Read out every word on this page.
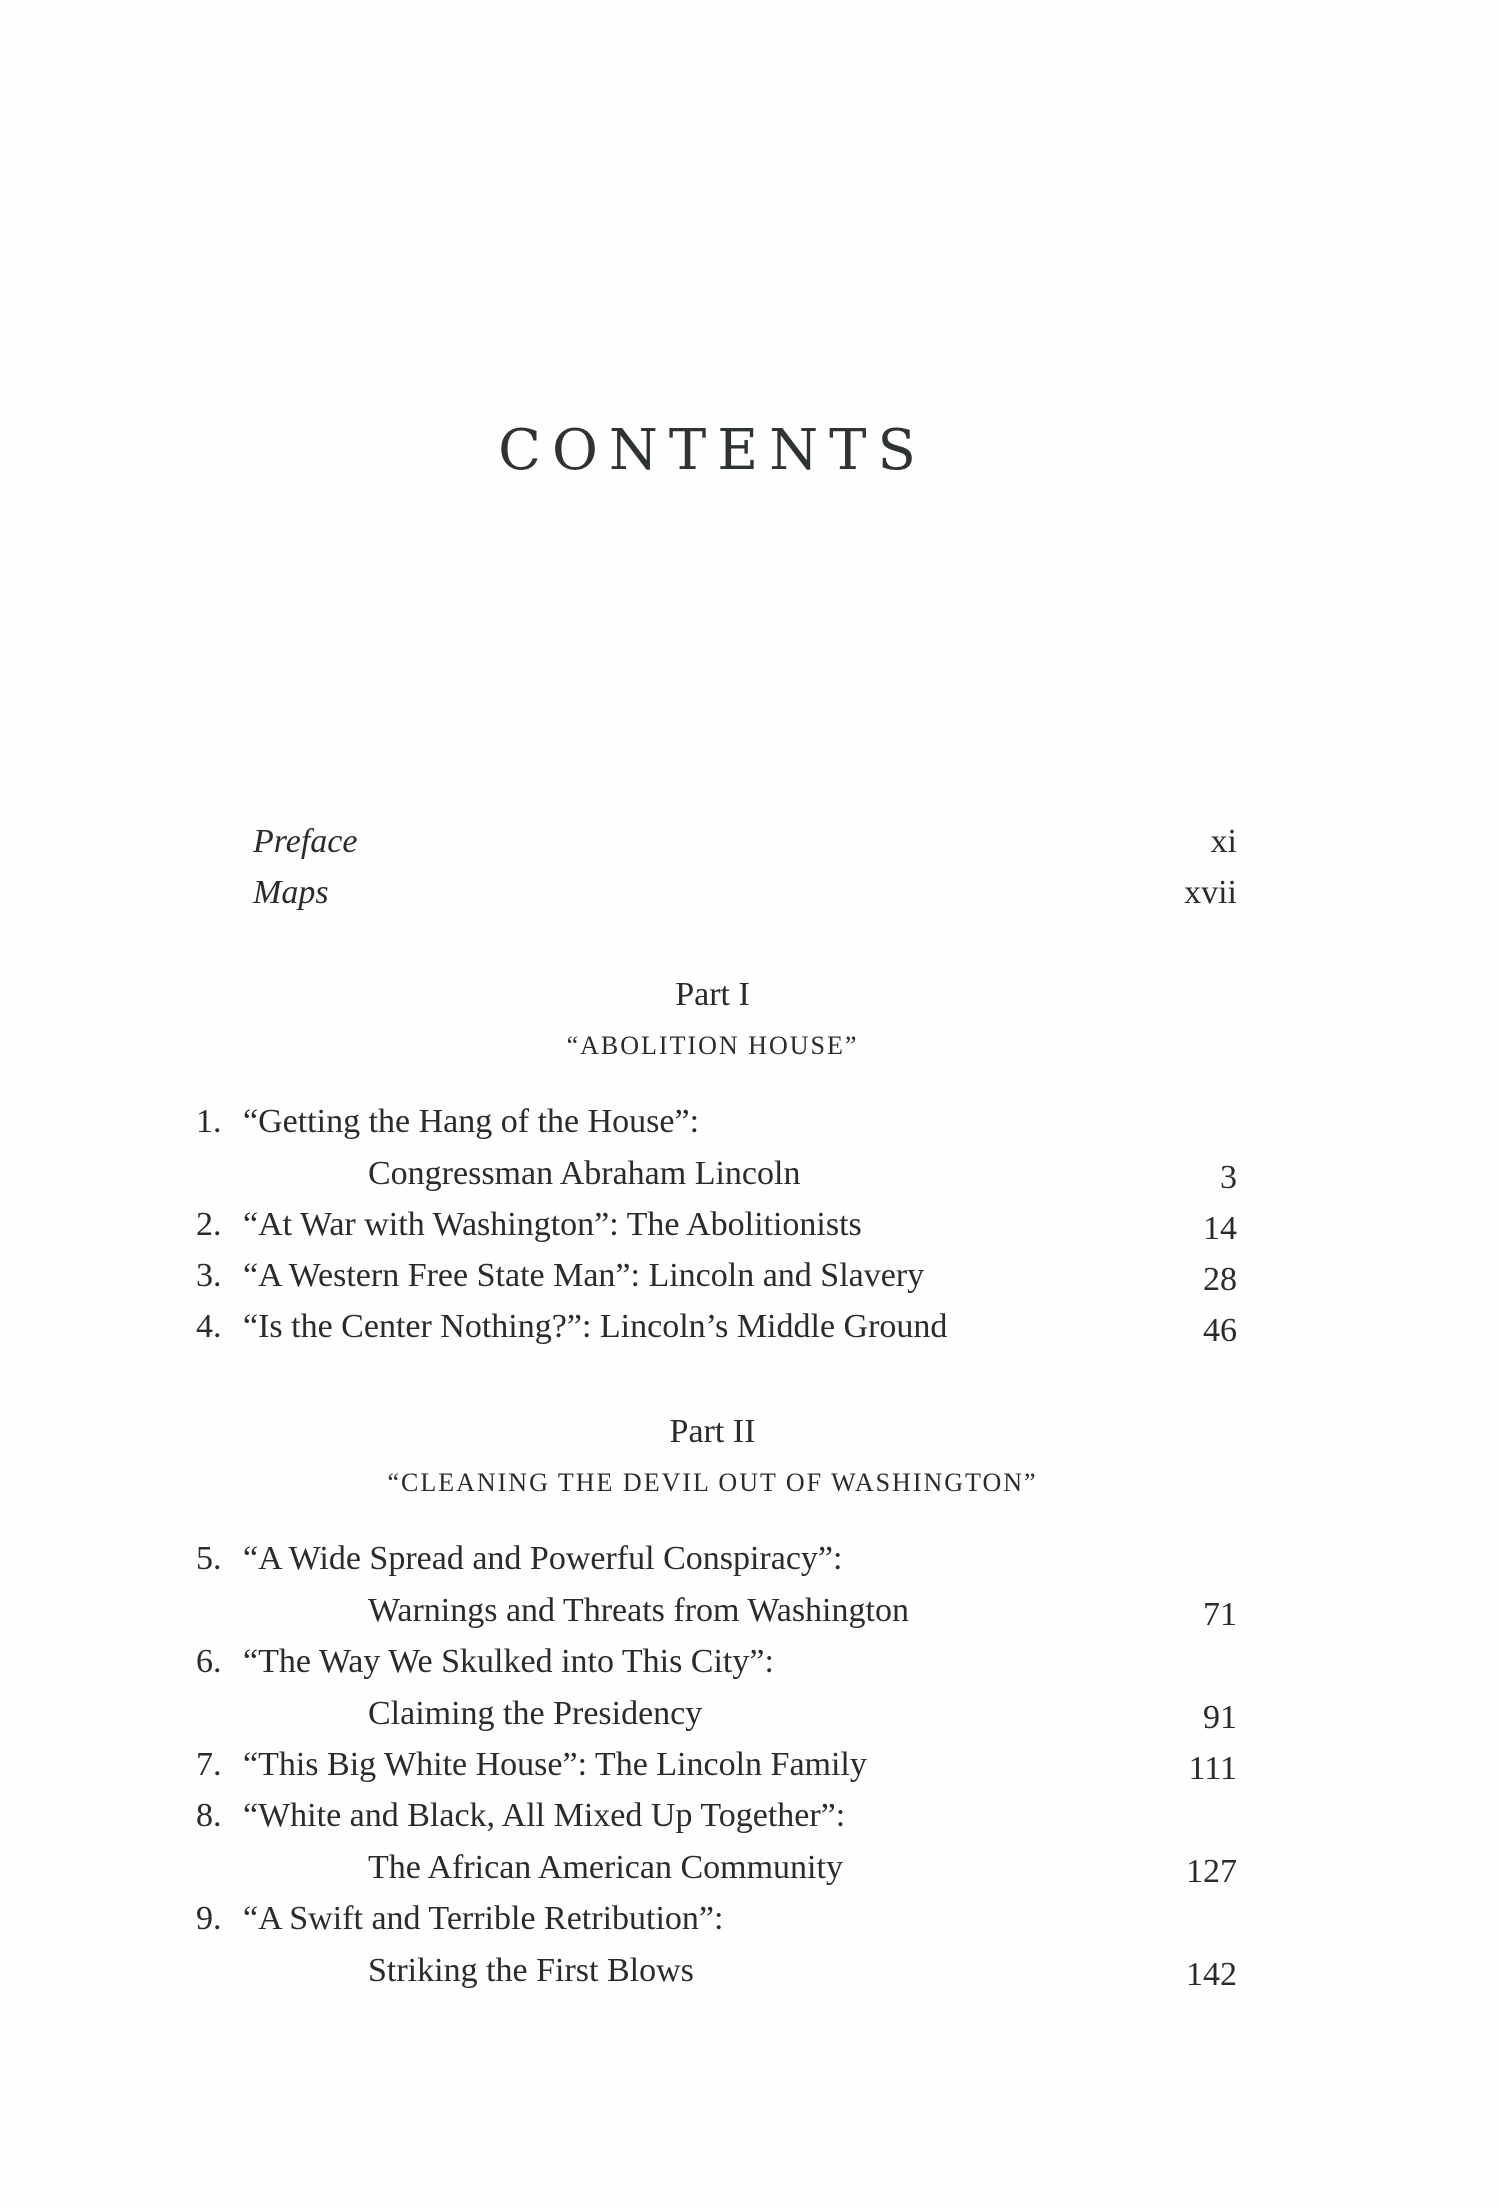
CONTENTS
Preface	xi
Maps	xvii
Part I
“ABOLITION HOUSE”
1. “Getting the Hang of the House”:
Congressman Abraham Lincoln	3
2. “At War with Washington”: The Abolitionists	14
3. “A Western Free State Man”: Lincoln and Slavery	28
4. “Is the Center Nothing?”: Lincoln’s Middle Ground	46
Part II
“CLEANING THE DEVIL OUT OF WASHINGTON”
5. “A Wide Spread and Powerful Conspiracy”:
Warnings and Threats from Washington	71
6. “The Way We Skulked into This City”:
Claiming the Presidency	91
7. “This Big White House”: The Lincoln Family	111
8. “White and Black, All Mixed Up Together”:
The African American Community	127
9. “A Swift and Terrible Retribution”:
Striking the First Blows	142
